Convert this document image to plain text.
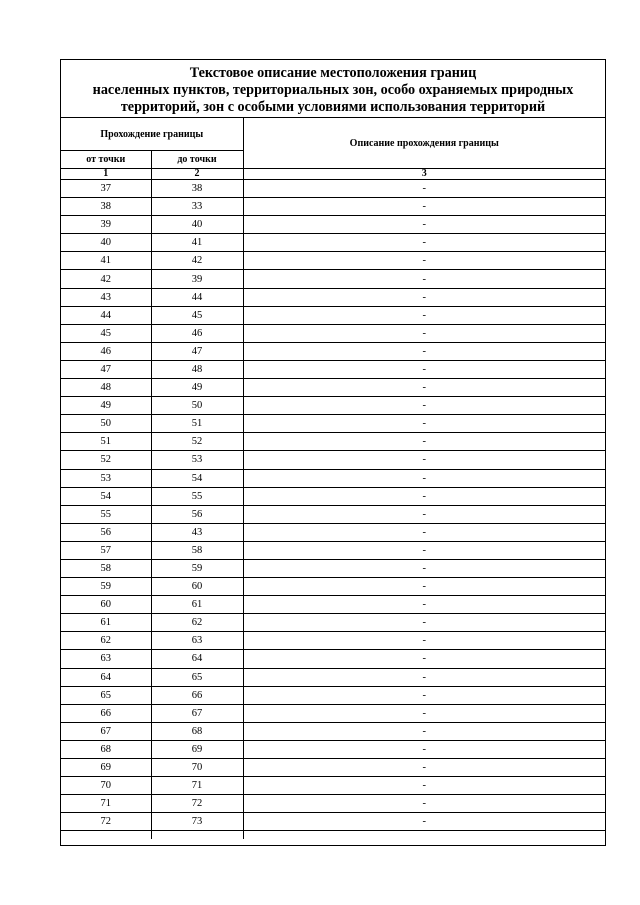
Текстовое описание местоположения границ
населенных пунктов, территориальных зон, особо охраняемых природных
территорий, зон с особыми условиями использования территорий
Прохождение границы		Описание прохождения границы
от точки	до точки	
1	2	3
37	38	-
38	33	-
39	40	-
40	41	-
41	42	-
42	39	-
43	44	-
44	45	-
45	46	-
46	47	-
47	48	-
48	49	-
49	50	-
50	51	-
51	52	-
52	53	-
53	54	-
54	55	-
55	56	-
56	43	-
57	58	-
58	59	-
59	60	-
60	61	-
61	62	-
62	63	-
63	64	-
64	65	-
65	66	-
66	67	-
67	68	-
68	69	-
69	70	-
70	71	-
71	72	-
72	73	-
